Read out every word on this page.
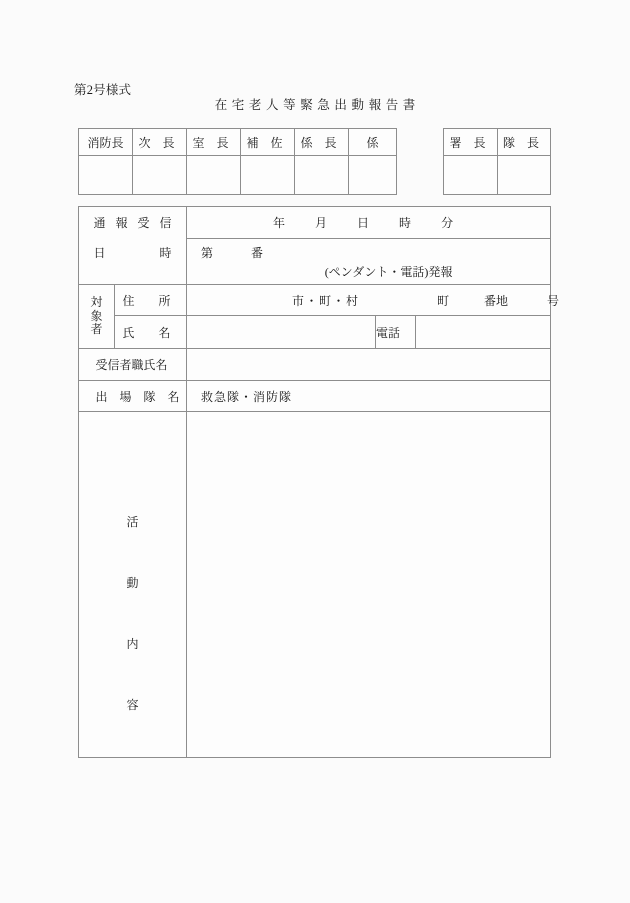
第2号様式
在宅老人等緊急出動報告書
消防長	次　長	室　長	補　佐	係　長	係
						署　長	隊　長

通報受信
日　　　時		年 月 日 時 分		

		第 番
(ペンダント・電話)発報		

対
象
者	住　　所	市・町・村 町 番地 号		

	氏　　名		電話	

受信者職氏名				

出　場　隊　名		救急隊・消防隊		

活
動
内
容				
